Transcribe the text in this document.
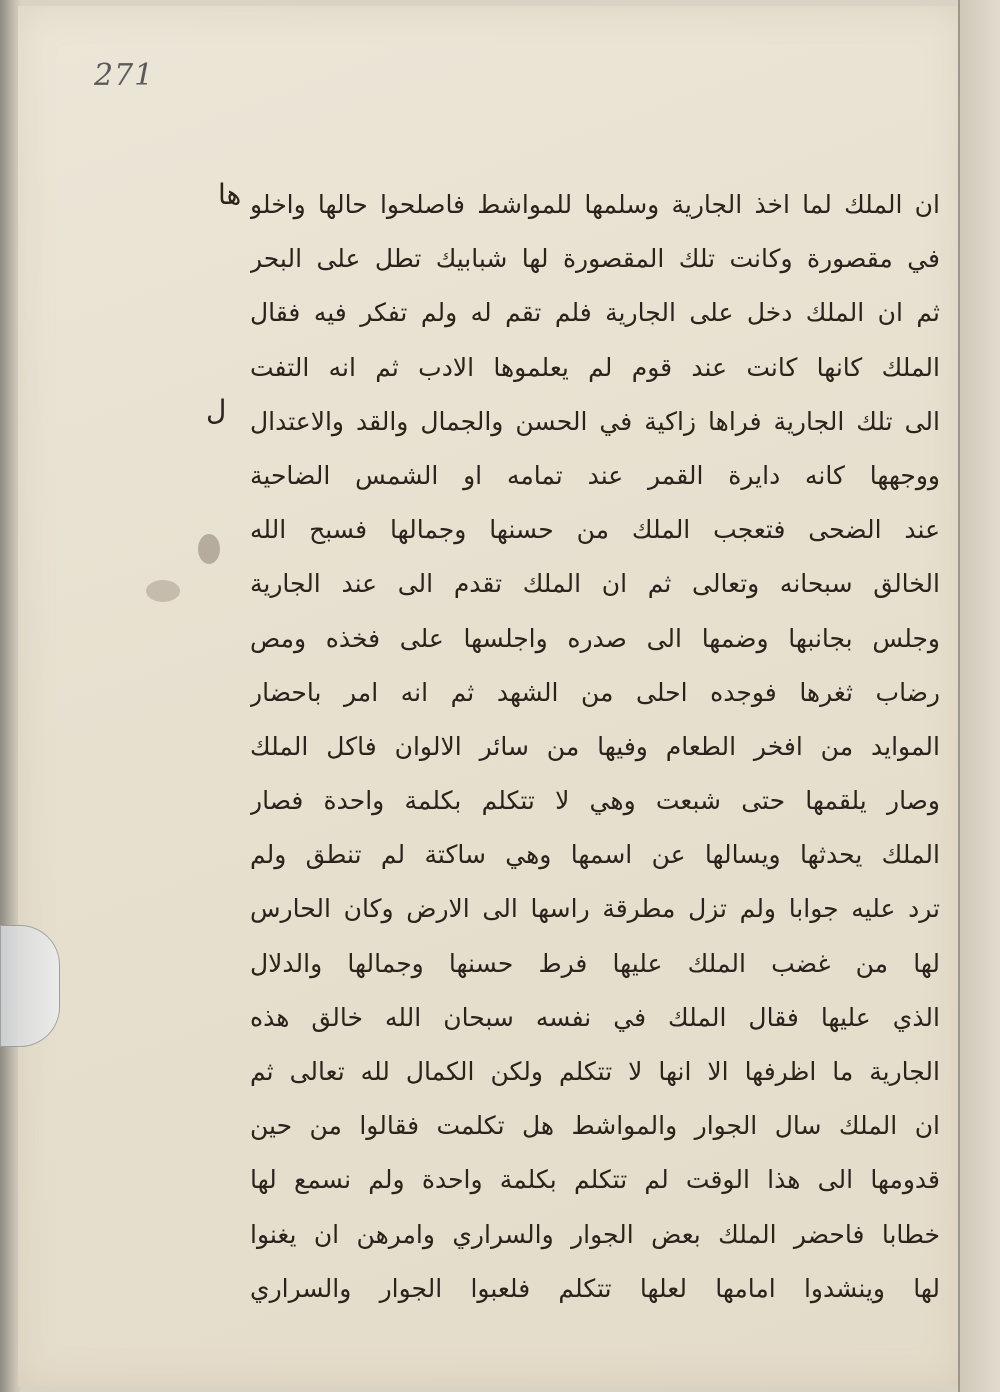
271
ها
ل
ان الملك لما اخذ الجارية وسلمها للمواشط فاصلحوا حالها واخلو
في مقصورة وكانت تلك المقصورة لها شبابيك تطل على البحر
ثم ان الملك دخل على الجارية فلم تقم له ولم تفكر فيه فقال
الملك كانها كانت عند قوم لم يعلموها الادب ثم انه التفت
الى تلك الجارية فراها زاكية في الحسن والجمال والقد والاعتدال
ووجهها كانه دايرة القمر عند تمامه او الشمس الضاحية
عند الضحى فتعجب الملك من حسنها وجمالها فسبح الله
الخالق سبحانه وتعالى ثم ان الملك تقدم الى عند الجارية
وجلس بجانبها وضمها الى صدره واجلسها على فخذه ومص
رضاب ثغرها فوجده احلى من الشهد ثم انه امر باحضار
الموايد من افخر الطعام وفيها من سائر الالوان فاكل الملك
وصار يلقمها حتى شبعت وهي لا تتكلم بكلمة واحدة فصار
الملك يحدثها ويسالها عن اسمها وهي ساكتة لم تنطق ولم
ترد عليه جوابا ولم تزل مطرقة راسها الى الارض وكان الحارس
لها من غضب الملك عليها فرط حسنها وجمالها والدلال
الذي عليها فقال الملك في نفسه سبحان الله خالق هذه
الجارية ما اظرفها الا انها لا تتكلم ولكن الكمال لله تعالى ثم
ان الملك سال الجوار والمواشط هل تكلمت فقالوا من حين
قدومها الى هذا الوقت لم تتكلم بكلمة واحدة ولم نسمع لها
خطابا فاحضر الملك بعض الجوار والسراري وامرهن ان يغنوا
لها وينشدوا امامها لعلها تتكلم فلعبوا الجوار والسراري
